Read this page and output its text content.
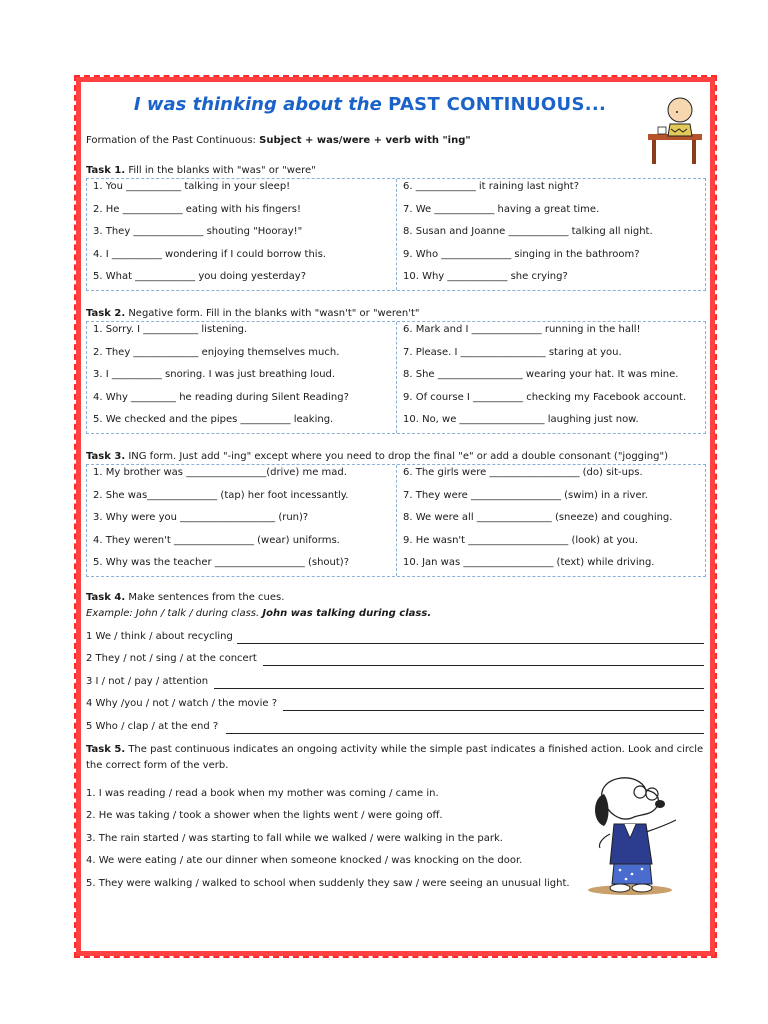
I was thinking about the PAST CONTINUOUS...
Formation of the Past Continuous: Subject + was/were + verb with "ing"
Task 1. Fill in the blanks with "was" or "were"
1. You ___________ talking in your sleep!
2. He ____________ eating with his fingers!
3. They ______________ shouting "Hooray!"
4. I __________ wondering if I could borrow this.
5. What ____________ you doing yesterday?
6. ____________ it raining last night?
7. We ____________ having a great time.
8. Susan and Joanne ____________ talking all night.
9. Who ______________ singing in the bathroom?
10. Why ____________ she crying?
Task 2. Negative form. Fill in the blanks with "wasn't" or "weren't"
1. Sorry. I ___________ listening.
2. They _____________ enjoying themselves much.
3. I __________ snoring. I was just breathing loud.
4. Why _________ he reading during Silent Reading?
5. We checked and the pipes __________ leaking.
6. Mark and I ______________ running in the hall!
7. Please. I _________________ staring at you.
8. She _________________ wearing your hat. It was mine.
9. Of course I __________ checking my Facebook account.
10. No, we _________________ laughing just now.
Task 3. ING form. Just add "-ing" except where you need to drop the final "e" or add a double consonant ("jogging")
1. My brother was ________________(drive) me mad.
2. She was______________ (tap) her foot incessantly.
3. Why were you ___________________ (run)?
4. They weren't ________________ (wear) uniforms.
5. Why was the teacher __________________ (shout)?
6. The girls were __________________ (do) sit-ups.
7. They were __________________ (swim) in a river.
8. We were all _______________ (sneeze) and coughing.
9. He wasn't ____________________ (look) at you.
10. Jan was __________________ (text) while driving.
Task 4. Make sentences from the cues.
Example: John / talk / during class. John was talking during class.
1 We / think / about recycling
2 They / not / sing / at the concert
3 I / not / pay / attention
4 Why /you / not / watch / the movie ?
5 Who / clap / at the end ?
Task 5. The past continuous indicates an ongoing activity while the simple past indicates a finished action. Look and circle the correct form of the verb.
1. I was reading / read a book when my mother was coming / came in.
2. He was taking / took a shower when the lights went / were going off.
3. The rain started / was starting to fall while we walked / were walking in the park.
4. We were eating / ate our dinner when someone knocked / was knocking on the door.
5. They were walking / walked to school when suddenly they saw / were seeing an unusual light.
